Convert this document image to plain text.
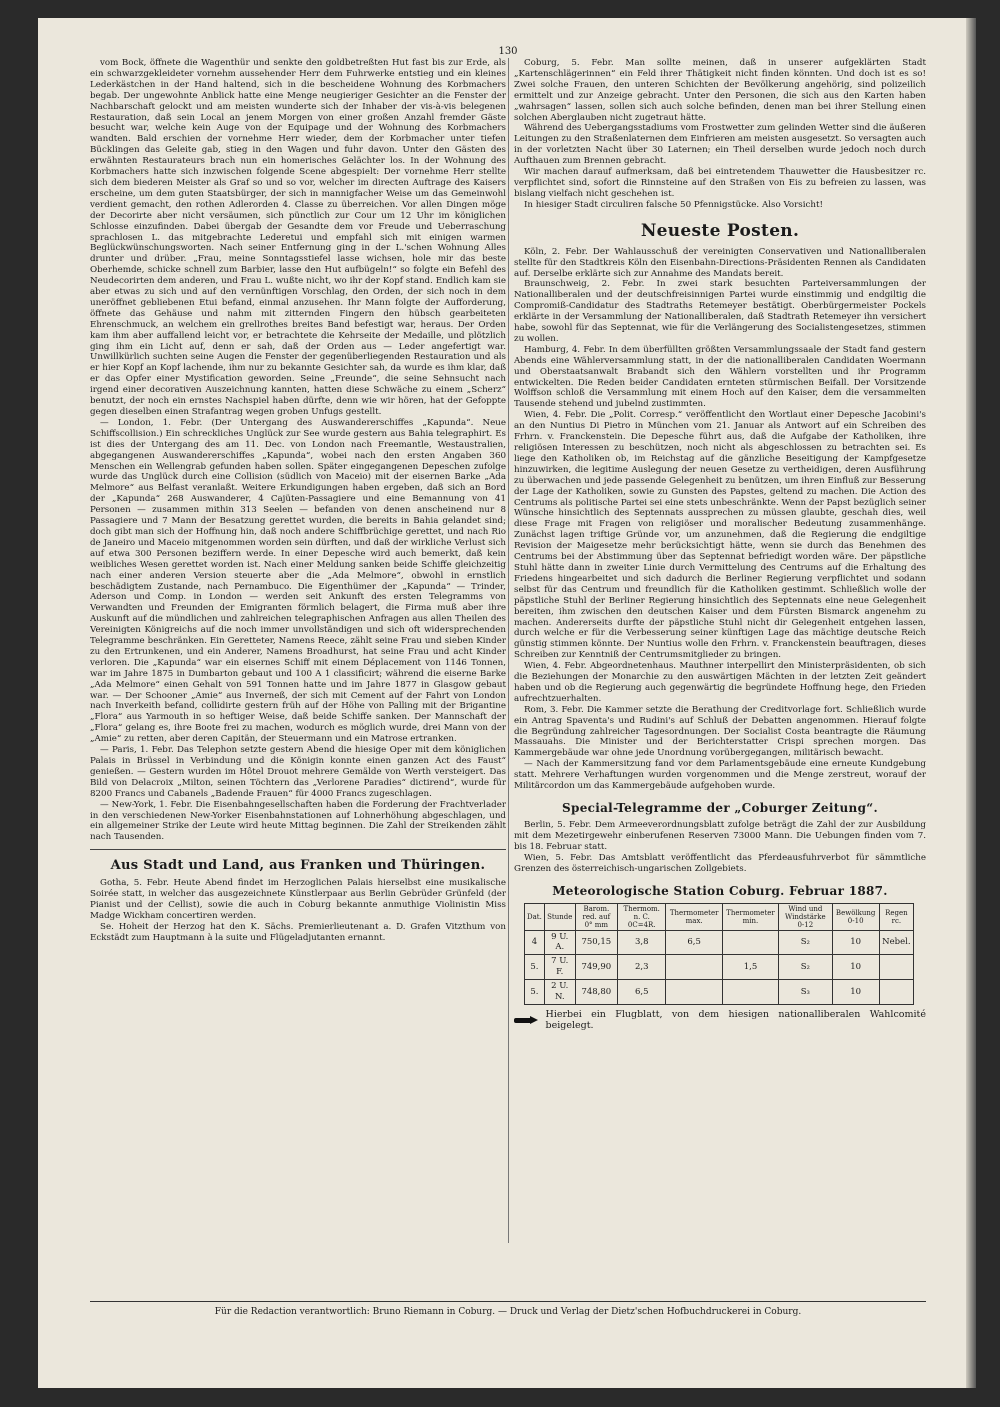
130

vom Bock, öffnete die Wagenthür und senkte den goldbetreßten Hut fast bis zur Erde, als ein schwarzgekleideter vornehm aussehender Herr dem Fuhrwerke entstieg und ein kleines Lederkästchen in der Hand haltend, sich in die bescheidene Wohnung des Korbmachers begab. Der ungewohnte Anblick hatte eine Menge neugieriger Gesichter an die Fenster der Nachbarschaft gelockt und am meisten wunderte sich der Inhaber der vis-à-vis belegenen Restauration, daß sein Local an jenem Morgen von einer großen Anzahl fremder Gäste besucht war, welche kein Auge von der Equipage und der Wohnung des Korbmachers wandten. Bald erschien der vornehme Herr wieder, dem der Korbmacher unter tiefen Bücklingen das Geleite gab, stieg in den Wagen und fuhr davon. Unter den Gästen des erwähnten Restaurateurs brach nun ein homerisches Gelächter los. In der Wohnung des Korbmachers hatte sich inzwischen folgende Scene abgespielt: Der vornehme Herr stellte sich dem biederen Meister als Graf so und so vor, welcher im directen Auftrage des Kaisers erscheine, um dem guten Staatsbürger, der sich in mannigfacher Weise um das Gemeinwohl verdient gemacht, den rothen Adlerorden 4. Classe zu überreichen. Vor allen Dingen möge der Decorirte aber nicht versäumen, sich pünctlich zur Cour um 12 Uhr im königlichen Schlosse einzufinden. Dabei übergab der Gesandte dem vor Freude und Ueberraschung sprachlosen L. das mitgebrachte Lederetui und empfahl sich mit einigen warmen Beglückwünschungsworten. Nach seiner Entfernung ging in der L.'schen Wohnung Alles drunter und drüber. „Frau, meine Sonntagsstiefel lasse wichsen, hole mir das beste Oberhemde, schicke schnell zum Barbier, lasse den Hut aufbügeln!“ so folgte ein Befehl des Neudecorirten dem anderen, und Frau L. wußte nicht, wo ihr der Kopf stand. Endlich kam sie aber etwas zu sich und auf den vernünftigen Vorschlag, den Orden, der sich noch in dem uneröffnet gebliebenen Etui befand, einmal anzusehen. Ihr Mann folgte der Aufforderung, öffnete das Gehäuse und nahm mit zitternden Fingern den hübsch gearbeiteten Ehrenschmuck, an welchem ein grellrothes breites Band befestigt war, heraus. Der Orden kam ihm aber auffallend leicht vor, er betrachtete die Kehrseite der Medaille, und plötzlich ging ihm ein Licht auf, denn er sah, daß der Orden aus — Leder angefertigt war. Unwillkürlich suchten seine Augen die Fenster der gegenüberliegenden Restauration und als er hier Kopf an Kopf lachende, ihm nur zu bekannte Gesichter sah, da wurde es ihm klar, daß er das Opfer einer Mystification geworden. Seine „Freunde“, die seine Sehnsucht nach irgend einer decorativen Auszeichnung kannten, hatten diese Schwäche zu einem „Scherz“ benutzt, der noch ein ernstes Nachspiel haben dürfte, denn wie wir hören, hat der Gefoppte gegen dieselben einen Strafantrag wegen groben Unfugs gestellt.

— London, 1. Febr. (Der Untergang des Auswandererschiffes „Kapunda“. Neue Schiffscollision.) Ein schreckliches Unglück zur See wurde gestern aus Bahia telegraphirt. Es ist dies der Untergang des am 11. Dec. von London nach Freemantle, Westaustralien, abgegangenen Auswandererschiffes „Kapunda“, wobei nach den ersten Angaben 360 Menschen ein Wellengrab gefunden haben sollen. Später eingegangenen Depeschen zufolge wurde das Unglück durch eine Collision (südlich von Maceio) mit der eisernen Barke „Ada Melmore“ aus Belfast veranlaßt. Weitere Erkundigungen haben ergeben, daß sich an Bord der „Kapunda“ 268 Auswanderer, 4 Cajüten-Passagiere und eine Bemannung von 41 Personen — zusammen mithin 313 Seelen — befanden von denen anscheinend nur 8 Passagiere und 7 Mann der Besatzung gerettet wurden, die bereits in Bahia gelandet sind; doch gibt man sich der Hoffnung hin, daß noch andere Schiffbrüchige gerettet, und nach Rio de Janeiro und Maceio mitgenommen worden sein dürften, und daß der wirkliche Verlust sich auf etwa 300 Personen beziffern werde. In einer Depesche wird auch bemerkt, daß kein weibliches Wesen gerettet worden ist. Nach einer Meldung sanken beide Schiffe gleichzeitig nach einer anderen Version steuerte aber die „Ada Melmore“, obwohl in ernstlich beschädigtem Zustande, nach Pernambuco. Die Eigenthümer der „Kapunda“ — Trinder, Aderson und Comp. in London — werden seit Ankunft des ersten Telegramms von Verwandten und Freunden der Emigranten förmlich belagert, die Firma muß aber ihre Auskunft auf die mündlichen und zahlreichen telegraphischen Anfragen aus allen Theilen des Vereinigten Königreichs auf die noch immer unvollständigen und sich oft widersprechenden Telegramme beschränken. Ein Geretteter, Namens Reece, zählt seine Frau und sieben Kinder zu den Ertrunkenen, und ein Anderer, Namens Broadhurst, hat seine Frau und acht Kinder verloren. Die „Kapunda“ war ein eisernes Schiff mit einem Déplacement von 1146 Tonnen, war im Jahre 1875 in Dumbarton gebaut und 100 A 1 classificirt; während die eiserne Barke „Ada Melmore“ einen Gehalt von 591 Tonnen hatte und im Jahre 1877 in Glasgow gebaut war. — Der Schooner „Amie“ aus Inverneß, der sich mit Cement auf der Fahrt von London nach Inverkeith befand, collidirte gestern früh auf der Höhe von Palling mit der Brigantine „Flora“ aus Yarmouth in so heftiger Weise, daß beide Schiffe sanken. Der Mannschaft der „Flora“ gelang es, ihre Boote frei zu machen, wodurch es möglich wurde, drei Mann von der „Amie“ zu retten, aber deren Capitän, der Steuermann und ein Matrose ertranken.

— Paris, 1. Febr. Das Telephon setzte gestern Abend die hiesige Oper mit dem königlichen Palais in Brüssel in Verbindung und die Königin konnte einen ganzen Act des Faust“ genießen. — Gestern wurden im Hôtel Drouot mehrere Gemälde von Werth versteigert. Das Bild von Delacroix „Milton, seinen Töchtern das „Verlorene Paradies“ dictirend“, wurde für 8200 Francs und Cabanels „Badende Frauen“ für 4000 Francs zugeschlagen.

— New-York, 1. Febr. Die Eisenbahngesellschaften haben die Forderung der Frachtverlader in den verschiedenen New-Yorker Eisenbahnstationen auf Lohnerhöhung abgeschlagen, und ein allgemeiner Strike der Leute wird heute Mittag beginnen. Die Zahl der Streikenden zählt nach Tausenden.

Aus Stadt und Land, aus Franken und Thüringen.

Gotha, 5. Febr. Heute Abend findet im Herzoglichen Palais hierselbst eine musikalische Soirée statt, in welcher das ausgezeichnete Künstlerpaar aus Berlin Gebrüder Grünfeld (der Pianist und der Cellist), sowie die auch in Coburg bekannte anmuthige Violinistin Miss Madge Wickham concertiren werden.

Se. Hoheit der Herzog hat den K. Sächs. Premierlieutenant a. D. Grafen Vitzthum von Eckstädt zum Hauptmann à la suite und Flügeladjutanten ernannt.

Coburg, 5. Febr. Man sollte meinen, daß in unserer aufgeklärten Stadt „Kartenschlägerinnen“ ein Feld ihrer Thätigkeit nicht finden könnten. Und doch ist es so! Zwei solche Frauen, den unteren Schichten der Bevölkerung angehörig, sind polizeilich ermittelt und zur Anzeige gebracht. Unter den Personen, die sich aus den Karten haben „wahrsagen“ lassen, sollen sich auch solche befinden, denen man bei ihrer Stellung einen solchen Aberglauben nicht zugetraut hätte.

Während des Uebergangsstadiums vom Frostwetter zum gelinden Wetter sind die äußeren Leitungen zu den Straßenlaternen dem Einfrieren am meisten ausgesetzt. So versagten auch in der vorletzten Nacht über 30 Laternen; ein Theil derselben wurde jedoch noch durch Aufthauen zum Brennen gebracht.

Wir machen darauf aufmerksam, daß bei eintretendem Thauwetter die Hausbesitzer rc. verpflichtet sind, sofort die Rinnsteine auf den Straßen von Eis zu befreien zu lassen, was bislang vielfach nicht geschehen ist.

In hiesiger Stadt circuliren falsche 50 Pfennigstücke. Also Vorsicht!

Neueste Posten.

Köln, 2. Febr. Der Wahlausschuß der vereinigten Conservativen und Nationalliberalen stellte für den Stadtkreis Köln den Eisenbahn-Directions-Präsidenten Rennen als Candidaten auf. Derselbe erklärte sich zur Annahme des Mandats bereit.

Braunschweig, 2. Febr. In zwei stark besuchten Parteiversammlungen der Nationalliberalen und der deutschfreisinnigen Partei wurde einstimmig und endgiltig die Compromiß-Candidatur des Stadtraths Retemeyer bestätigt. Oberbürgermeister Pockels erklärte in der Versammlung der Nationalliberalen, daß Stadtrath Retemeyer ihn versichert habe, sowohl für das Septennat, wie für die Verlängerung des Socialistengesetzes, stimmen zu wollen.

Hamburg, 4. Febr. In dem überfüllten größten Versammlungssaale der Stadt fand gestern Abends eine Wählerversammlung statt, in der die nationalliberalen Candidaten Woermann und Oberstaatsanwalt Brabandt sich den Wählern vorstellten und ihr Programm entwickelten. Die Reden beider Candidaten ernteten stürmischen Beifall. Der Vorsitzende Wolffson schloß die Versammlung mit einem Hoch auf den Kaiser, dem die versammelten Tausende stehend und jubelnd zustimmten.

Wien, 4. Febr. Die „Polit. Corresp.“ veröffentlicht den Wortlaut einer Depesche Jacobini's an den Nuntius Di Pietro in München vom 21. Januar als Antwort auf ein Schreiben des Frhrn. v. Franckenstein. Die Depesche führt aus, daß die Aufgabe der Katholiken, ihre religiösen Interessen zu beschützen, noch nicht als abgeschlossen zu betrachten sei. Es liege den Katholiken ob, im Reichstag auf die gänzliche Beseitigung der Kampfgesetze hinzuwirken, die legitime Auslegung der neuen Gesetze zu vertheidigen, deren Ausführung zu überwachen und jede passende Gelegenheit zu benützen, um ihren Einfluß zur Besserung der Lage der Katholiken, sowie zu Gunsten des Papstes, geltend zu machen. Die Action des Centrums als politische Partei sei eine stets unbeschränkte. Wenn der Papst bezüglich seiner Wünsche hinsichtlich des Septennats aussprechen zu müssen glaubte, geschah dies, weil diese Frage mit Fragen von religiöser und moralischer Bedeutung zusammenhänge. Zunächst lagen triftige Gründe vor, um anzunehmen, daß die Regierung die endgiltige Revision der Maigesetze mehr berücksichtigt hätte, wenn sie durch das Benehmen des Centrums bei der Abstimmung über das Septennat befriedigt worden wäre. Der päpstliche Stuhl hätte dann in zweiter Linie durch Vermittelung des Centrums auf die Erhaltung des Friedens hingearbeitet und sich dadurch die Berliner Regierung verpflichtet und sodann selbst für das Centrum und freundlich für die Katholiken gestimmt. Schließlich wolle der päpstliche Stuhl der Berliner Regierung hinsichtlich des Septennats eine neue Gelegenheit bereiten, ihm zwischen den deutschen Kaiser und dem Fürsten Bismarck angenehm zu machen. Andererseits durfte der päpstliche Stuhl nicht dir Gelegenheit entgehen lassen, durch welche er für die Verbesserung seiner künftigen Lage das mächtige deutsche Reich günstig stimmen könnte. Der Nuntius wolle den Frhrn. v. Franckenstein beauftragen, dieses Schreiben zur Kenntniß der Centrumsmitglieder zu bringen.

Wien, 4. Febr. Abgeordnetenhaus. Mauthner interpellirt den Ministerpräsidenten, ob sich die Beziehungen der Monarchie zu den auswärtigen Mächten in der letzten Zeit geändert haben und ob die Regierung auch gegenwärtig die begründete Hoffnung hege, den Frieden aufrechtzuerhalten.

Rom, 3. Febr. Die Kammer setzte die Berathung der Creditvorlage fort. Schließlich wurde ein Antrag Spaventa's und Rudini's auf Schluß der Debatten angenommen. Hierauf folgte die Begründung zahlreicher Tagesordnungen. Der Socialist Costa beantragte die Räumung Massauahs. Die Minister und der Berichterstatter Crispi sprechen morgen. Das Kammergebäude war ohne jede Unordnung vorübergegangen, militärisch bewacht.

— Nach der Kammersitzung fand vor dem Parlamentsgebäude eine erneute Kundgebung statt. Mehrere Verhaftungen wurden vorgenommen und die Menge zerstreut, worauf der Militärcordon um das Kammergebäude aufgehoben wurde.

Special-Telegramme der „Coburger Zeitung“.

Berlin, 5. Febr. Dem Armeeverordnungsblatt zufolge beträgt die Zahl der zur Ausbildung mit dem Mezetirgewehr einberufenen Reserven 73000 Mann. Die Uebungen finden vom 7. bis 18. Februar statt.

Wien, 5. Febr. Das Amtsblatt veröffentlicht das Pferdeausfuhrverbot für sämmtliche Grenzen des österreichisch-ungarischen Zollgebiets.

Meteorologische Station Coburg. Februar 1887.
Dat.	Stunde	Barom. red. auf 0° mm	Thermom. n. C. 0C=4R.	Thermometer max.	Thermometer min.	Wind und Windstärke 0-12	Bewölkung 0-10	Regen rc.
4	9 U. A.	750,15	3,8	6,5		S₂	10	Nebel.
5.	7 U. F.	749,90	2,3		1,5	S₂	10	
5.	2 U. N.	748,80	6,5			S₃	10	
Hierbei ein Flugblatt, von dem hiesigen nationalliberalen Wahlcomité beigelegt.
Für die Redaction verantwortlich: Bruno Riemann in Coburg. — Druck und Verlag der Dietz'schen Hofbuchdruckerei in Coburg.
